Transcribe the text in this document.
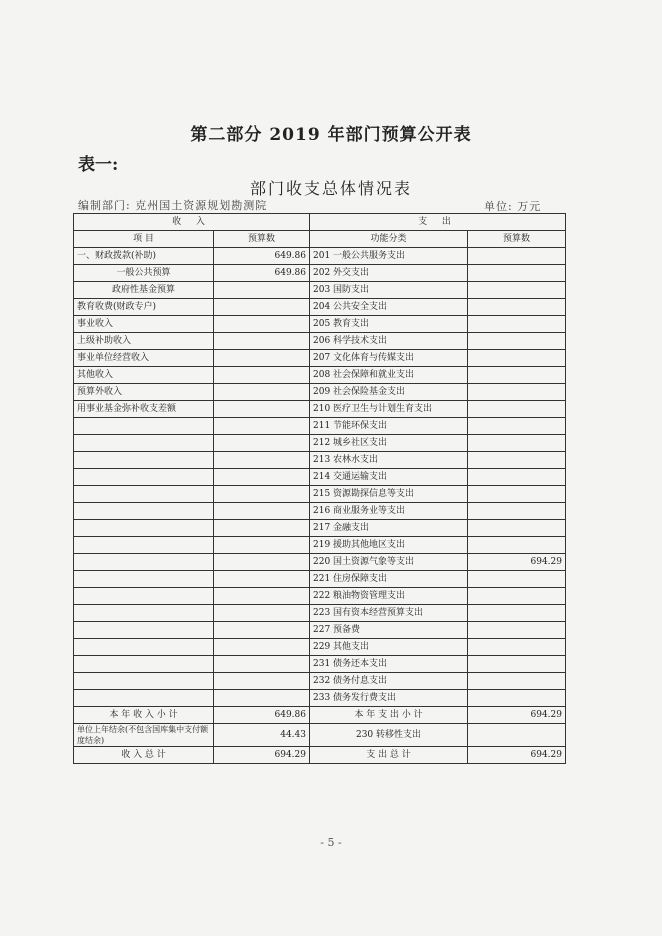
第二部分 2019 年部门预算公开表
表一:
部门收支总体情况表
编制部门: 克州国土资源规划勘测院	单位: 万元
收 入		支 出	
项 目	预算数	功能分类	预算数
一、财政拨款(补助)	649.86	201 一般公共服务支出	
一般公共预算	649.86	202 外交支出	
政府性基金预算		203 国防支出	
教育收费(财政专户)		204 公共安全支出	
事业收入		205 教育支出	
上级补助收入		206 科学技术支出	
事业单位经营收入		207 文化体育与传媒支出	
其他收入		208 社会保障和就业支出	
预算外收入		209 社会保险基金支出	
用事业基金弥补收支差额		210 医疗卫生与计划生育支出	
		211 节能环保支出	
		212 城乡社区支出	
		213 农林水支出	
		214 交通运输支出	
		215 资源勘探信息等支出	
		216 商业服务业等支出	
		217 金融支出	
		219 援助其他地区支出	
		220 国土资源气象等支出	694.29
		221 住房保障支出	
		222 粮油物资管理支出	
		223 国有资本经营预算支出	
		227 预备费	
		229 其他支出	
		231 债务还本支出	
		232 债务付息支出	
		233 债务发行费支出	
本 年 收 入 小 计	649.86	本 年 支 出 小 计	694.29
单位上年结余(不包含国库集中支付额度结余)	44.43	230 转移性支出	
收 入 总 计	694.29	支 出 总 计	694.29
- 5 -
